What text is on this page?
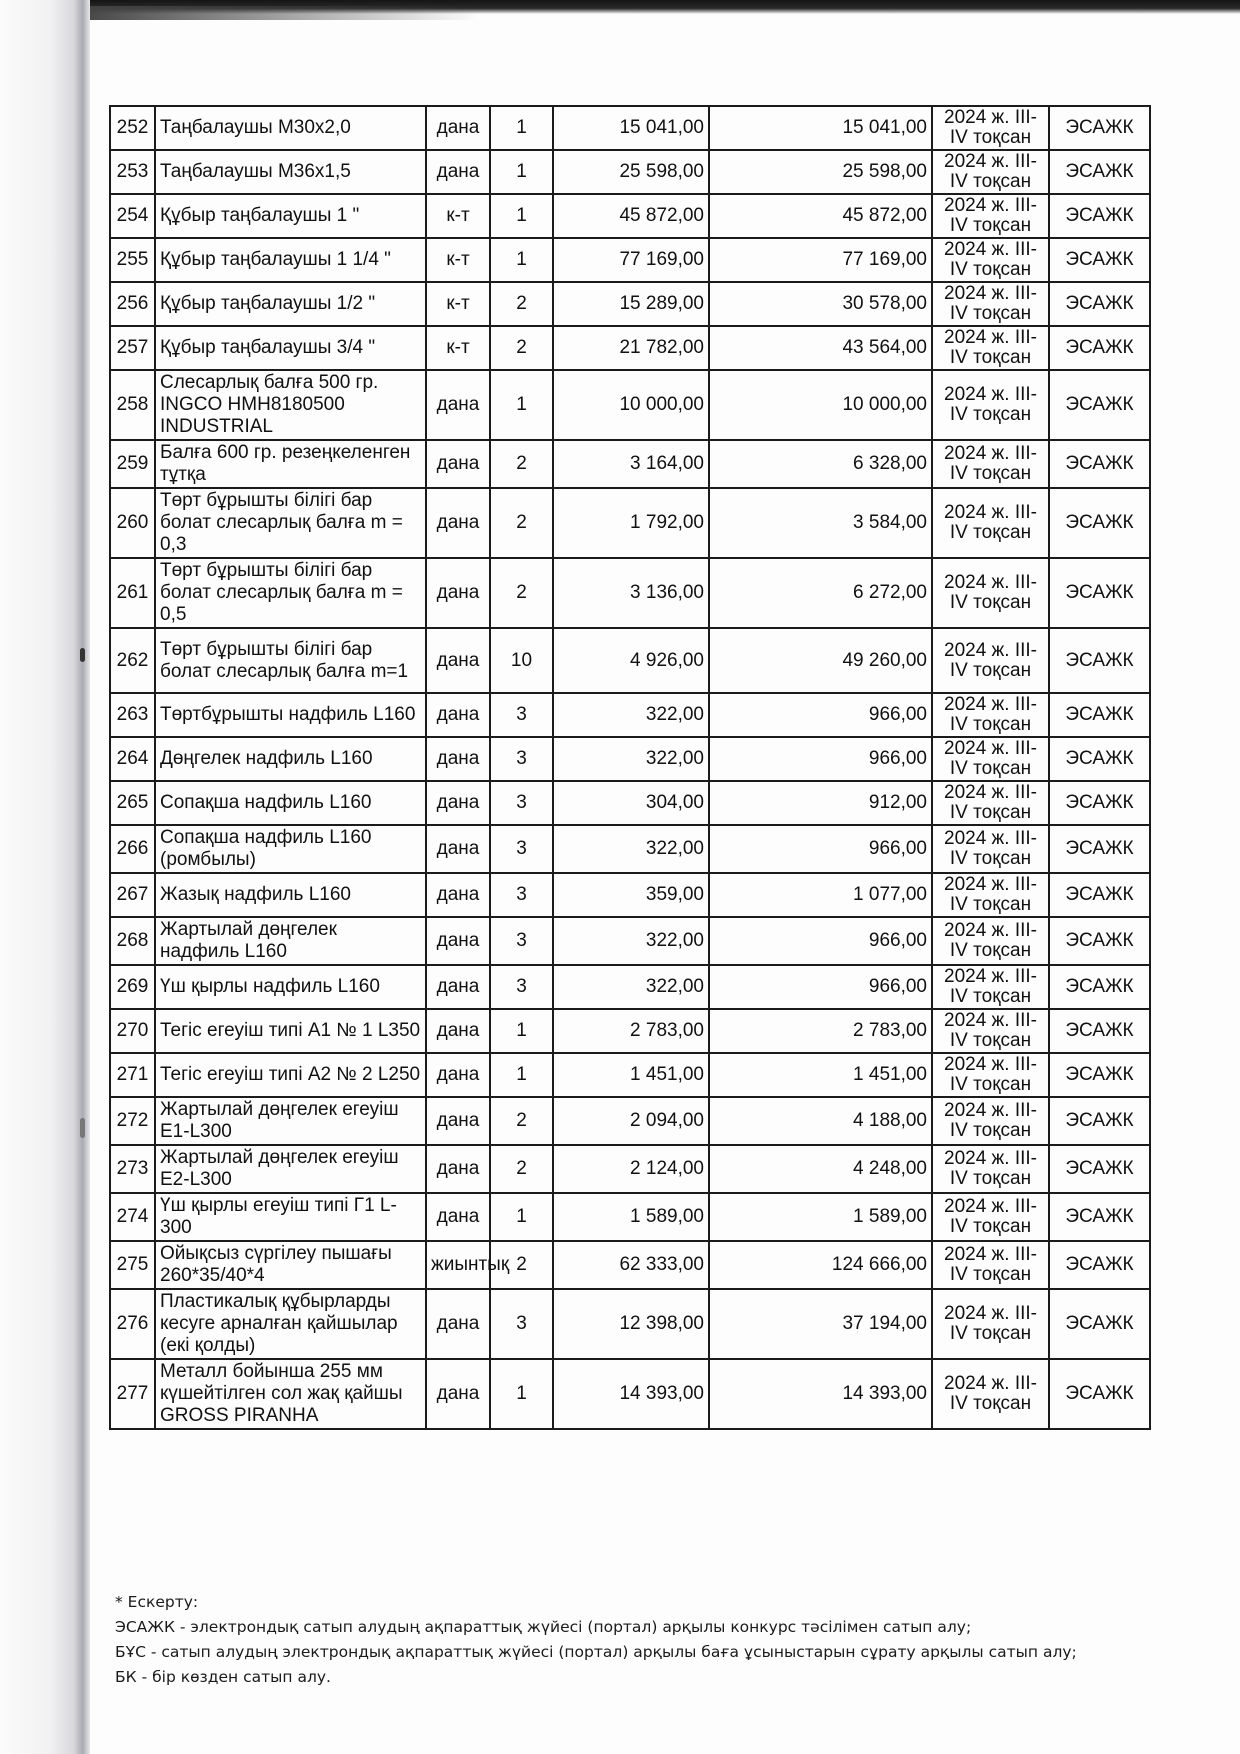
252	Таңбалаушы М30х2,0	дана	1	15 041,00	15 041,00	2024 ж. III-IV тоқсан	ЭСАЖК
253	Таңбалаушы М36х1,5	дана	1	25 598,00	25 598,00	2024 ж. III-IV тоқсан	ЭСАЖК
254	Құбыр таңбалаушы 1 "	к-т	1	45 872,00	45 872,00	2024 ж. III-IV тоқсан	ЭСАЖК
255	Құбыр таңбалаушы 1 1/4 "	к-т	1	77 169,00	77 169,00	2024 ж. III-IV тоқсан	ЭСАЖК
256	Құбыр таңбалаушы 1/2 "	к-т	2	15 289,00	30 578,00	2024 ж. III-IV тоқсан	ЭСАЖК
257	Құбыр таңбалаушы 3/4 "	к-т	2	21 782,00	43 564,00	2024 ж. III-IV тоқсан	ЭСАЖК
258	Слесарлық балға 500 гр. INGCO HMH8180500 INDUSTRIAL	дана	1	10 000,00	10 000,00	2024 ж. III-IV тоқсан	ЭСАЖК
259	Балға 600 гр. резеңкеленген тұтқа	дана	2	3 164,00	6 328,00	2024 ж. III-IV тоқсан	ЭСАЖК
260	Төрт бұрышты білігі бар болат слесарлық балға m = 0,3	дана	2	1 792,00	3 584,00	2024 ж. III-IV тоқсан	ЭСАЖК
261	Төрт бұрышты білігі бар болат слесарлық балға m = 0,5	дана	2	3 136,00	6 272,00	2024 ж. III-IV тоқсан	ЭСАЖК
262	Төрт бұрышты білігі бар болат слесарлық балға m=1	дана	10	4 926,00	49 260,00	2024 ж. III-IV тоқсан	ЭСАЖК
263	Төртбұрышты надфиль L160	дана	3	322,00	966,00	2024 ж. III-IV тоқсан	ЭСАЖК
264	Дөңгелек надфиль L160	дана	3	322,00	966,00	2024 ж. III-IV тоқсан	ЭСАЖК
265	Сопақша надфиль L160	дана	3	304,00	912,00	2024 ж. III-IV тоқсан	ЭСАЖК
266	Сопақша надфиль L160 (ромбылы)	дана	3	322,00	966,00	2024 ж. III-IV тоқсан	ЭСАЖК
267	Жазық надфиль L160	дана	3	359,00	1 077,00	2024 ж. III-IV тоқсан	ЭСАЖК
268	Жартылай дөңгелек надфиль L160	дана	3	322,00	966,00	2024 ж. III-IV тоқсан	ЭСАЖК
269	Үш қырлы надфиль L160	дана	3	322,00	966,00	2024 ж. III-IV тоқсан	ЭСАЖК
270	Тегіс егеуіш типі А1 № 1 L350	дана	1	2 783,00	2 783,00	2024 ж. III-IV тоқсан	ЭСАЖК
271	Тегіс егеуіш типі А2 № 2 L250	дана	1	1 451,00	1 451,00	2024 ж. III-IV тоқсан	ЭСАЖК
272	Жартылай дөңгелек егеуіш Е1-L300	дана	2	2 094,00	4 188,00	2024 ж. III-IV тоқсан	ЭСАЖК
273	Жартылай дөңгелек егеуіш Е2-L300	дана	2	2 124,00	4 248,00	2024 ж. III-IV тоқсан	ЭСАЖК
274	Үш қырлы егеуіш типі Г1 L-300	дана	1	1 589,00	1 589,00	2024 ж. III-IV тоқсан	ЭСАЖК
275	Ойықсыз сүргілеу пышағы 260*35/40*4	жиынтық	2	62 333,00	124 666,00	2024 ж. III-IV тоқсан	ЭСАЖК
276	Пластикалық құбырларды кесуге арналған қайшылар (екі қолды)	дана	3	12 398,00	37 194,00	2024 ж. III-IV тоқсан	ЭСАЖК
277	Металл бойынша 255 мм күшейтілген сол жақ қайшы GROSS PIRANHA	дана	1	14 393,00	14 393,00	2024 ж. III-IV тоқсан	ЭСАЖК
* Ескерту:
ЭСАЖК - электрондық сатып алудың ақпараттық жүйесі (портал) арқылы конкурс тәсілімен сатып алу;
БҰС - сатып алудың электрондық ақпараттық жүйесі (портал) арқылы баға ұсыныстарын сұрату арқылы сатып алу;
БК - бір көзден сатып алу.
